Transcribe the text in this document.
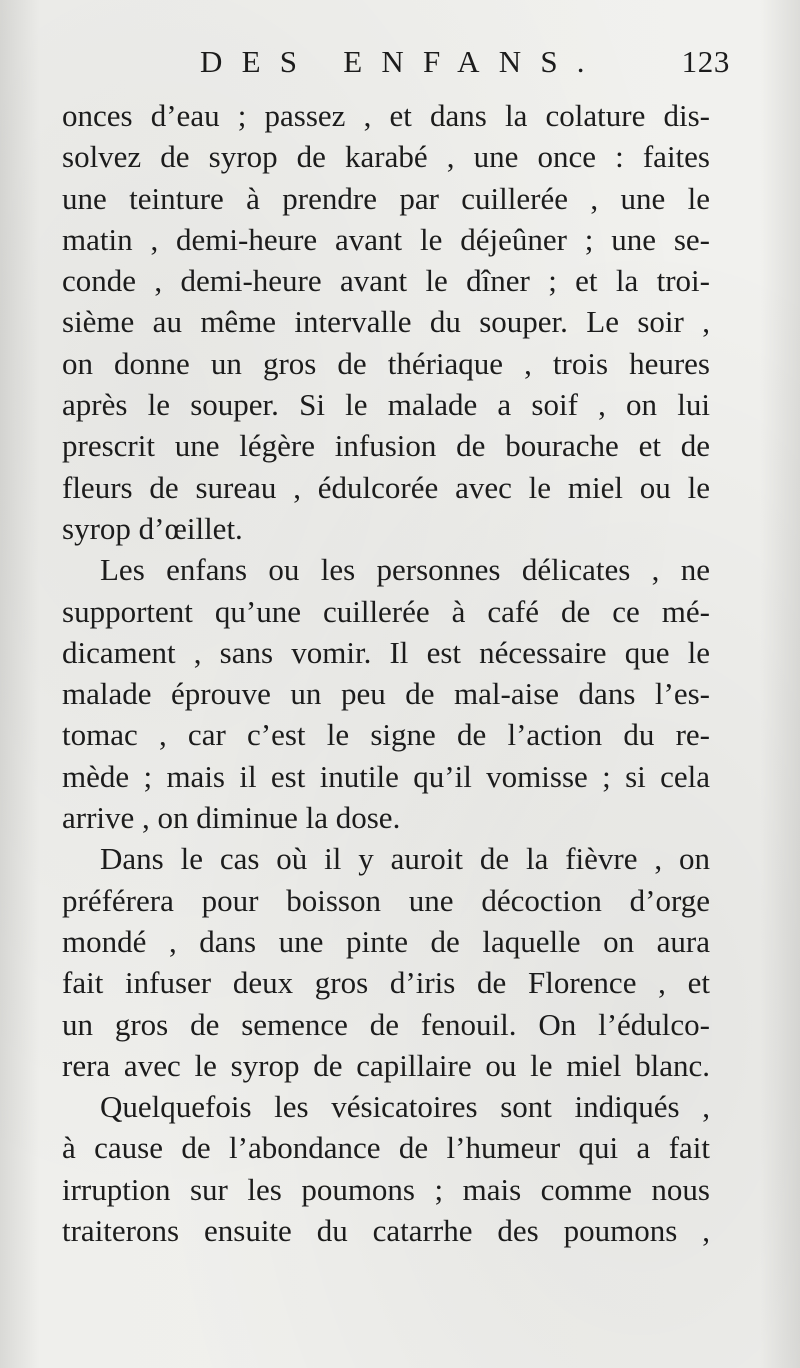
DES ENFANS.	123
onces d’eau ; passez , et dans la colature dis-
solvez de syrop de karabé , une once : faites
une teinture à prendre par cuillerée , une le
matin , demi-heure avant le déjeûner ; une se-
conde , demi-heure avant le dîner ; et la troi-
sième au même intervalle du souper. Le soir ,
on donne un gros de thériaque , trois heures
après le souper. Si le malade a soif , on lui
prescrit une légère infusion de bourache et de
fleurs de sureau , édulcorée avec le miel ou le
syrop d’œillet.
Les enfans ou les personnes délicates , ne
supportent qu’une cuillerée à café de ce mé-
dicament , sans vomir. Il est nécessaire que le
malade éprouve un peu de mal-aise dans l’es-
tomac , car c’est le signe de l’action du re-
mède ; mais il est inutile qu’il vomisse ; si cela
arrive , on diminue la dose.
Dans le cas où il y auroit de la fièvre , on
préférera pour boisson une décoction d’orge
mondé , dans une pinte de laquelle on aura
fait infuser deux gros d’iris de Florence , et
un gros de semence de fenouil. On l’édulco-
rera avec le syrop de capillaire ou le miel blanc.
Quelquefois les vésicatoires sont indiqués ,
à cause de l’abondance de l’humeur qui a fait
irruption sur les poumons ; mais comme nous
traiterons ensuite du catarrhe des poumons ,
